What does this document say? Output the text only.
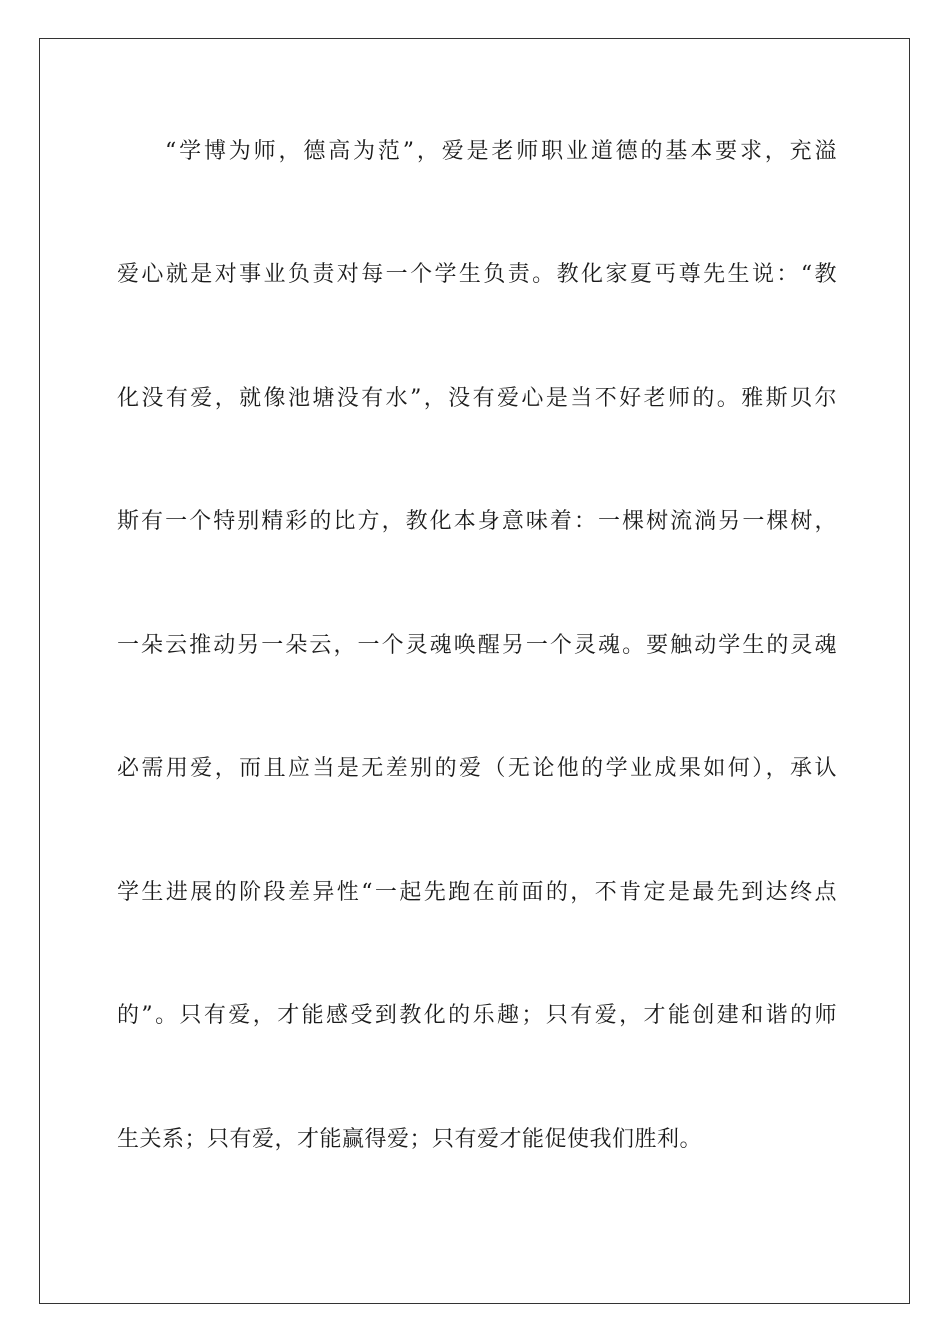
“学博为师，德高为范”，爱是老师职业道德的基本要求，充溢
爱心就是对事业负责对每一个学生负责。教化家夏丐尊先生说：“教
化没有爱，就像池塘没有水”，没有爱心是当不好老师的。雅斯贝尔
斯有一个特别精彩的比方，教化本身意味着：一棵树流淌另一棵树，
一朵云推动另一朵云，一个灵魂唤醒另一个灵魂。要触动学生的灵魂
必需用爱，而且应当是无差别的爱（无论他的学业成果如何），承认
学生进展的阶段差异性“一起先跑在前面的，不肯定是最先到达终点
的”。只有爱，才能感受到教化的乐趣；只有爱，才能创建和谐的师
生关系；只有爱，才能赢得爱；只有爱才能促使我们胜利。
